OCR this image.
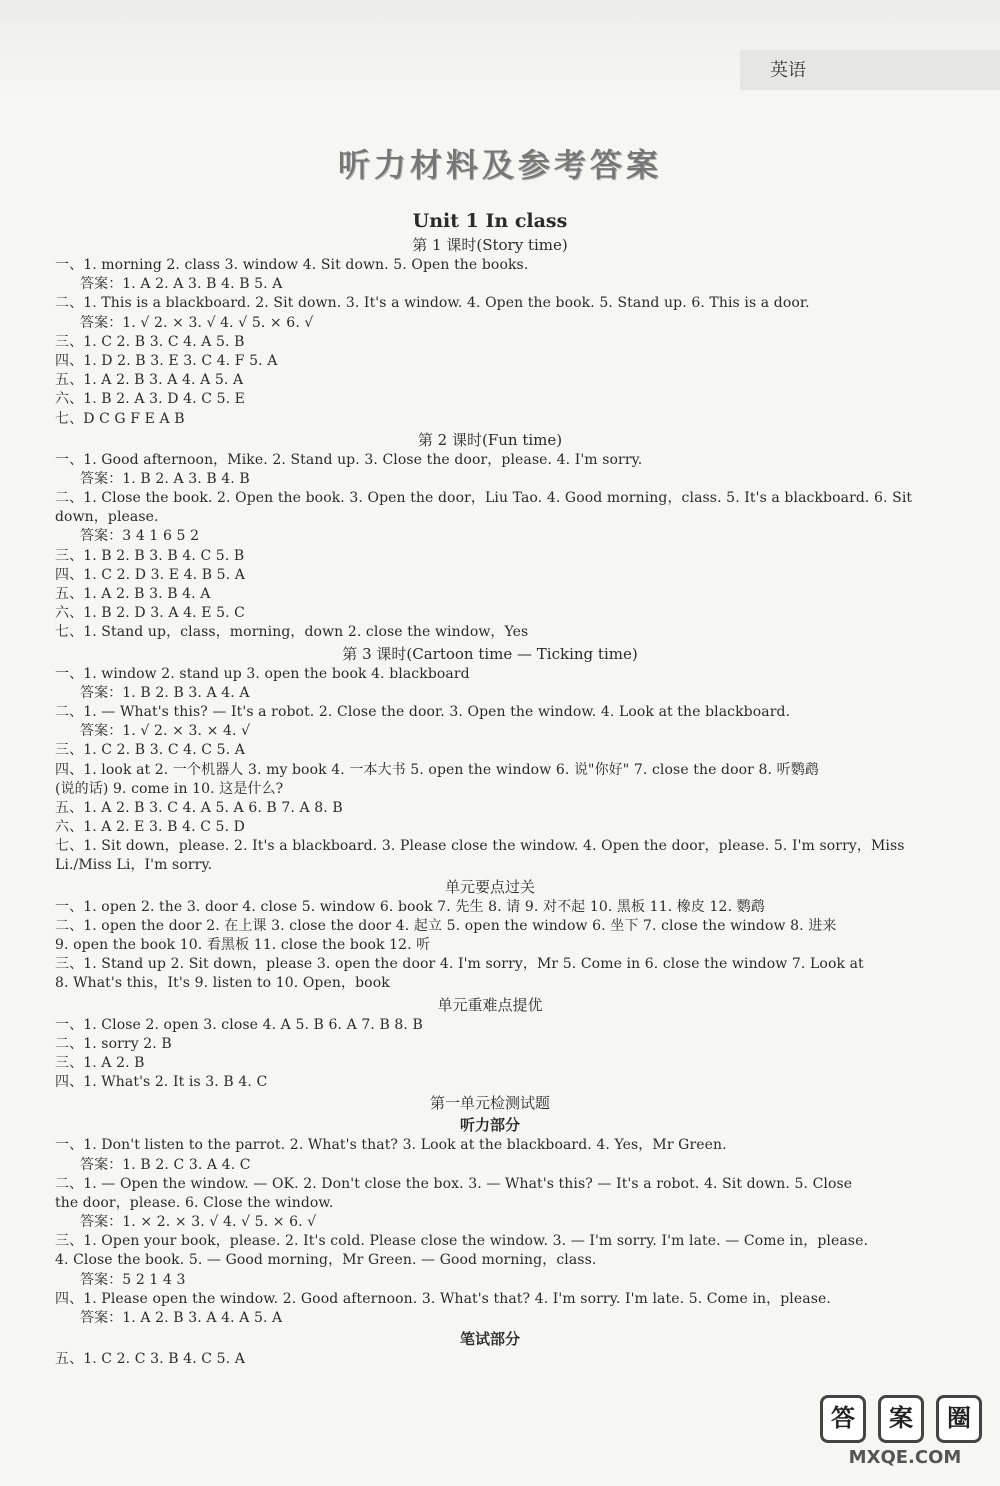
英语
听力材料及参考答案
Unit 1 In class
第 1 课时(Story time)
一、1. morning 2. class 3. window 4. Sit down. 5. Open the books.
答案：1. A 2. A 3. B 4. B 5. A
二、1. This is a blackboard. 2. Sit down. 3. It's a window. 4. Open the book. 5. Stand up. 6. This is a door.
答案：1. √ 2. × 3. √ 4. √ 5. × 6. √
三、1. C 2. B 3. C 4. A 5. B
四、1. D 2. B 3. E 3. C 4. F 5. A
五、1. A 2. B 3. A 4. A 5. A
六、1. B 2. A 3. D 4. C 5. E
七、D C G F E A B
第 2 课时(Fun time)
一、1. Good afternoon，Mike. 2. Stand up. 3. Close the door，please. 4. I'm sorry.
答案：1. B 2. A 3. B 4. B
二、1. Close the book. 2. Open the book. 3. Open the door，Liu Tao. 4. Good morning，class. 5. It's a blackboard. 6. Sit
down，please.
答案：3 4 1 6 5 2
三、1. B 2. B 3. B 4. C 5. B
四、1. C 2. D 3. E 4. B 5. A
五、1. A 2. B 3. B 4. A
六、1. B 2. D 3. A 4. E 5. C
七、1. Stand up，class，morning，down 2. close the window，Yes
第 3 课时(Cartoon time — Ticking time)
一、1. window 2. stand up 3. open the book 4. blackboard
答案：1. B 2. B 3. A 4. A
二、1. — What's this? — It's a robot. 2. Close the door. 3. Open the window. 4. Look at the blackboard.
答案：1. √ 2. × 3. × 4. √
三、1. C 2. B 3. C 4. C 5. A
四、1. look at 2. 一个机器人 3. my book 4. 一本大书 5. open the window 6. 说"你好" 7. close the door 8. 听鹦鹉
(说的话) 9. come in 10. 这是什么?
五、1. A 2. B 3. C 4. A 5. A 6. B 7. A 8. B
六、1. A 2. E 3. B 4. C 5. D
七、1. Sit down，please. 2. It's a blackboard. 3. Please close the window. 4. Open the door，please. 5. I'm sorry，Miss
Li./Miss Li，I'm sorry.
单元要点过关
一、1. open 2. the 3. door 4. close 5. window 6. book 7. 先生 8. 请 9. 对不起 10. 黑板 11. 橡皮 12. 鹦鹉
二、1. open the door 2. 在上课 3. close the door 4. 起立 5. open the window 6. 坐下 7. close the window 8. 进来
9. open the book 10. 看黑板 11. close the book 12. 听
三、1. Stand up 2. Sit down，please 3. open the door 4. I'm sorry，Mr 5. Come in 6. close the window 7. Look at
8. What's this，It's 9. listen to 10. Open，book
单元重难点提优
一、1. Close 2. open 3. close 4. A 5. B 6. A 7. B 8. B
二、1. sorry 2. B
三、1. A 2. B
四、1. What's 2. It is 3. B 4. C
第一单元检测试题
听力部分
一、1. Don't listen to the parrot. 2. What's that? 3. Look at the blackboard. 4. Yes，Mr Green.
答案：1. B 2. C 3. A 4. C
二、1. — Open the window. — OK. 2. Don't close the box. 3. — What's this? — It's a robot. 4. Sit down. 5. Close
the door，please. 6. Close the window.
答案：1. × 2. × 3. √ 4. √ 5. × 6. √
三、1. Open your book，please. 2. It's cold. Please close the window. 3. — I'm sorry. I'm late. — Come in，please.
4. Close the book. 5. — Good morning，Mr Green. — Good morning，class.
答案：5 2 1 4 3
四、1. Please open the window. 2. Good afternoon. 3. What's that? 4. I'm sorry. I'm late. 5. Come in，please.
答案：1. A 2. B 3. A 4. A 5. A
笔试部分
五、1. C 2. C 3. B 4. C 5. A
答	案	圈
MXQE.COM
